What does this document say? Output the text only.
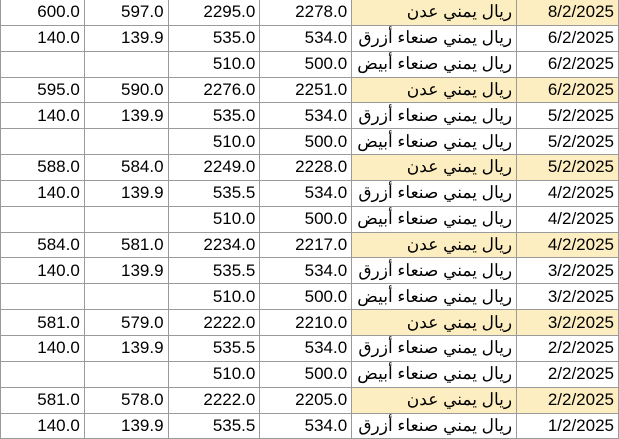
600.0	597.0	2295.0	2278.0	ريال يمني عدن	8/2/2025
140.0	139.9	535.0	534.0	ريال يمني صنعاء أزرق	6/2/2025
		510.0	500.0	ريال يمني صنعاء أبيض	6/2/2025
595.0	590.0	2276.0	2251.0	ريال يمني عدن	6/2/2025
140.0	139.9	535.0	534.0	ريال يمني صنعاء أزرق	5/2/2025
		510.0	500.0	ريال يمني صنعاء أبيض	5/2/2025
588.0	584.0	2249.0	2228.0	ريال يمني عدن	5/2/2025
140.0	139.9	535.5	534.0	ريال يمني صنعاء أزرق	4/2/2025
		510.0	500.0	ريال يمني صنعاء أبيض	4/2/2025
584.0	581.0	2234.0	2217.0	ريال يمني عدن	4/2/2025
140.0	139.9	535.5	534.0	ريال يمني صنعاء أزرق	3/2/2025
		510.0	500.0	ريال يمني صنعاء أبيض	3/2/2025
581.0	579.0	2222.0	2210.0	ريال يمني عدن	3/2/2025
140.0	139.9	535.5	534.0	ريال يمني صنعاء أزرق	2/2/2025
		510.0	500.0	ريال يمني صنعاء أبيض	2/2/2025
581.0	578.0	2222.0	2205.0	ريال يمني عدن	2/2/2025
140.0	139.9	535.5	534.0	ريال يمني صنعاء أزرق	1/2/2025
